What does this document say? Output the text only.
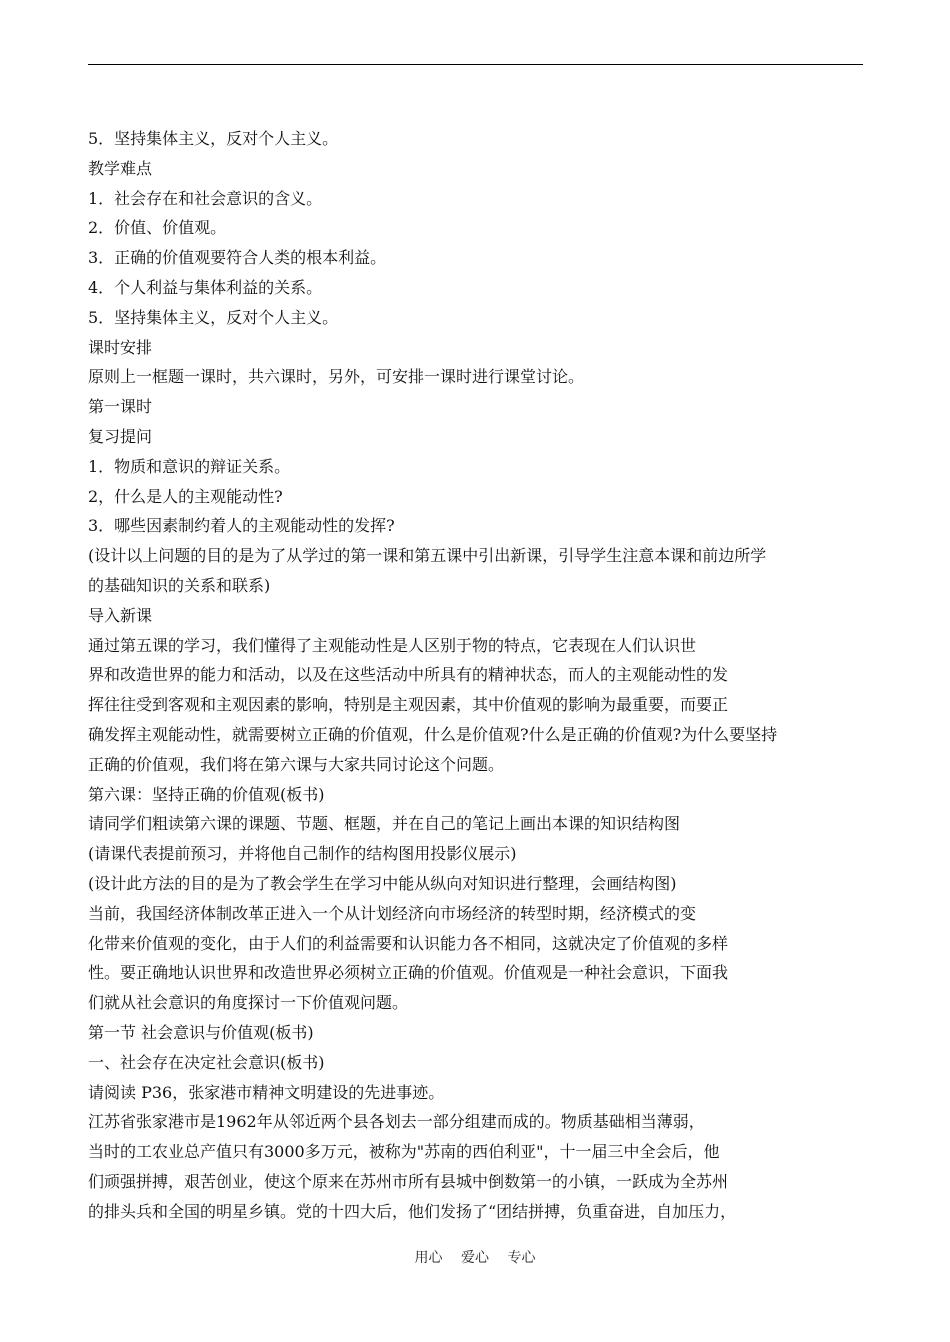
5．坚持集体主义，反对个人主义。
教学难点
1．社会存在和社会意识的含义。
2．价值、价值观。
3．正确的价值观要符合人类的根本利益。
4．个人利益与集体利益的关系。
5．坚持集体主义，反对个人主义。
课时安排
原则上一框题一课时，共六课时，另外，可安排一课时进行课堂讨论。
第一课时
复习提问
1．物质和意识的辩证关系。
2，什么是人的主观能动性?
3．哪些因素制约着人的主观能动性的发挥?
(设计以上问题的目的是为了从学过的第一课和第五课中引出新课，引导学生注意本课和前边所学
的基础知识的关系和联系)
导入新课
通过第五课的学习，我们懂得了主观能动性是人区别于物的特点，它表现在人们认识世
界和改造世界的能力和活动，以及在这些活动中所具有的精神状态，而人的主观能动性的发
挥往往受到客观和主观因素的影响，特别是主观因素，其中价值观的影响为最重要，而要正
确发挥主观能动性，就需要树立正确的价值观，什么是价值观?什么是正确的价值观?为什么要坚持
正确的价值观，我们将在第六课与大家共同讨论这个问题。
第六课：坚持正确的价值观(板书)
请同学们粗读第六课的课题、节题、框题，并在自己的笔记上画出本课的知识结构图
(请课代表提前预习，并将他自己制作的结构图用投影仪展示)
(设计此方法的目的是为了教会学生在学习中能从纵向对知识进行整理，会画结构图)
当前，我国经济体制改革正进入一个从计划经济向市场经济的转型时期，经济模式的变
化带来价值观的变化，由于人们的利益需要和认识能力各不相同，这就决定了价值观的多样
性。要正确地认识世界和改造世界必须树立正确的价值观。价值观是一种社会意识，下面我
们就从社会意识的角度探讨一下价值观问题。
第一节 社会意识与价值观(板书)
一、社会存在决定社会意识(板书)
请阅读 P36，张家港市精神文明建设的先进事迹。
江苏省张家港市是1962年从邻近两个县各划去一部分组建而成的。物质基础相当薄弱，
当时的工农业总产值只有3000多万元，被称为"苏南的西伯利亚"，十一届三中全会后，他
们顽强拼搏，艰苦创业，使这个原来在苏州市所有县城中倒数第一的小镇，一跃成为全苏州
的排头兵和全国的明星乡镇。党的十四大后，他们发扬了“团结拼搏，负重奋进，自加压力，
用心 爱心 专心
